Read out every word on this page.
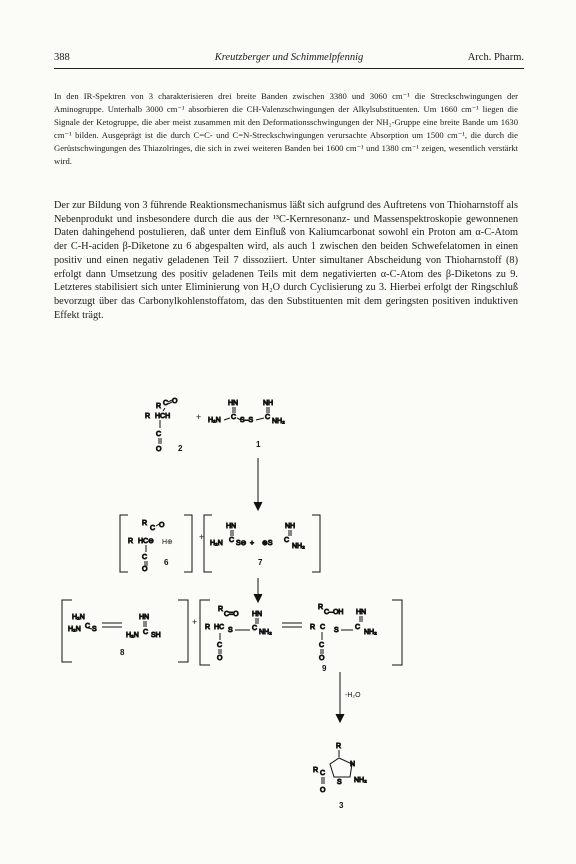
388	Kreutzberger und Schimmelpfennig	Arch. Pharm.
In den IR-Spektren von 3 charakterisieren drei breite Banden zwischen 3380 und 3060 cm⁻¹ die Streckschwingungen der Aminogruppe. Unterhalb 3000 cm⁻¹ absorbieren die CH-Valenzschwingungen der Alkylsubstituenten. Um 1660 cm⁻¹ liegen die Signale der Ketogruppe, die aber meist zusammen mit den Deformationsschwingungen der NH₂-Gruppe eine breite Bande um 1630 cm⁻¹ bilden. Ausgeprägt ist die durch C=C- und C=N-Streckschwingungen verursachte Absorption um 1500 cm⁻¹, die durch die Gerüstschwingungen des Thiazolringes, die sich in zwei weiteren Banden bei 1600 cm⁻¹ und 1380 cm⁻¹ zeigen, wesentlich verstärkt wird.
Der zur Bildung von 3 führende Reaktionsmechanismus läßt sich aufgrund des Auftretens von Thioharnstoff als Nebenprodukt und insbesondere durch die aus der ¹³C-Kernresonanz- und Massenspektroskopie gewonnenen Daten dahingehend postulieren, daß unter dem Einfluß von Kaliumcarbonat sowohl ein Proton am α-C-Atom der C-H-aciden β-Diketone zu 6 abgespalten wird, als auch 1 zwischen den beiden Schwefelatomen in einen positiv und einen negativ geladenen Teil 7 dissoziiert. Unter simultaner Abscheidung von Thioharnstoff (8) erfolgt dann Umsetzung des positiv geladenen Teils mit dem negativierten α-C-Atom des β-Diketons zu 9. Letzteres stabilisiert sich unter Eliminierung von H₂O durch Cyclisierung zu 3. Hierbei erfolgt der Ringschluß bevorzugt über das Carbonylkohlenstoffatom, das den Substituenten mit dem geringsten positiven induktiven Effekt trägt.
R C O
R HCH
C
O 2
+
HN	NH
H₂N C S–S C
NH₂
1
R
C O
R HC⊖
C
O
H⊕
6
+
HN	NH
H₂N C S⊖ + ⊕S C
NH₂
7
H₂N
H₂N C S
HN
H₂N C SH
8
+
R
C=O HN
R HC S	C
NH₂
C
O
R
C–OH HN
R C S C
NH₂
C
O
9
-H₂O
R
N
S NH₂
R C
O
3
